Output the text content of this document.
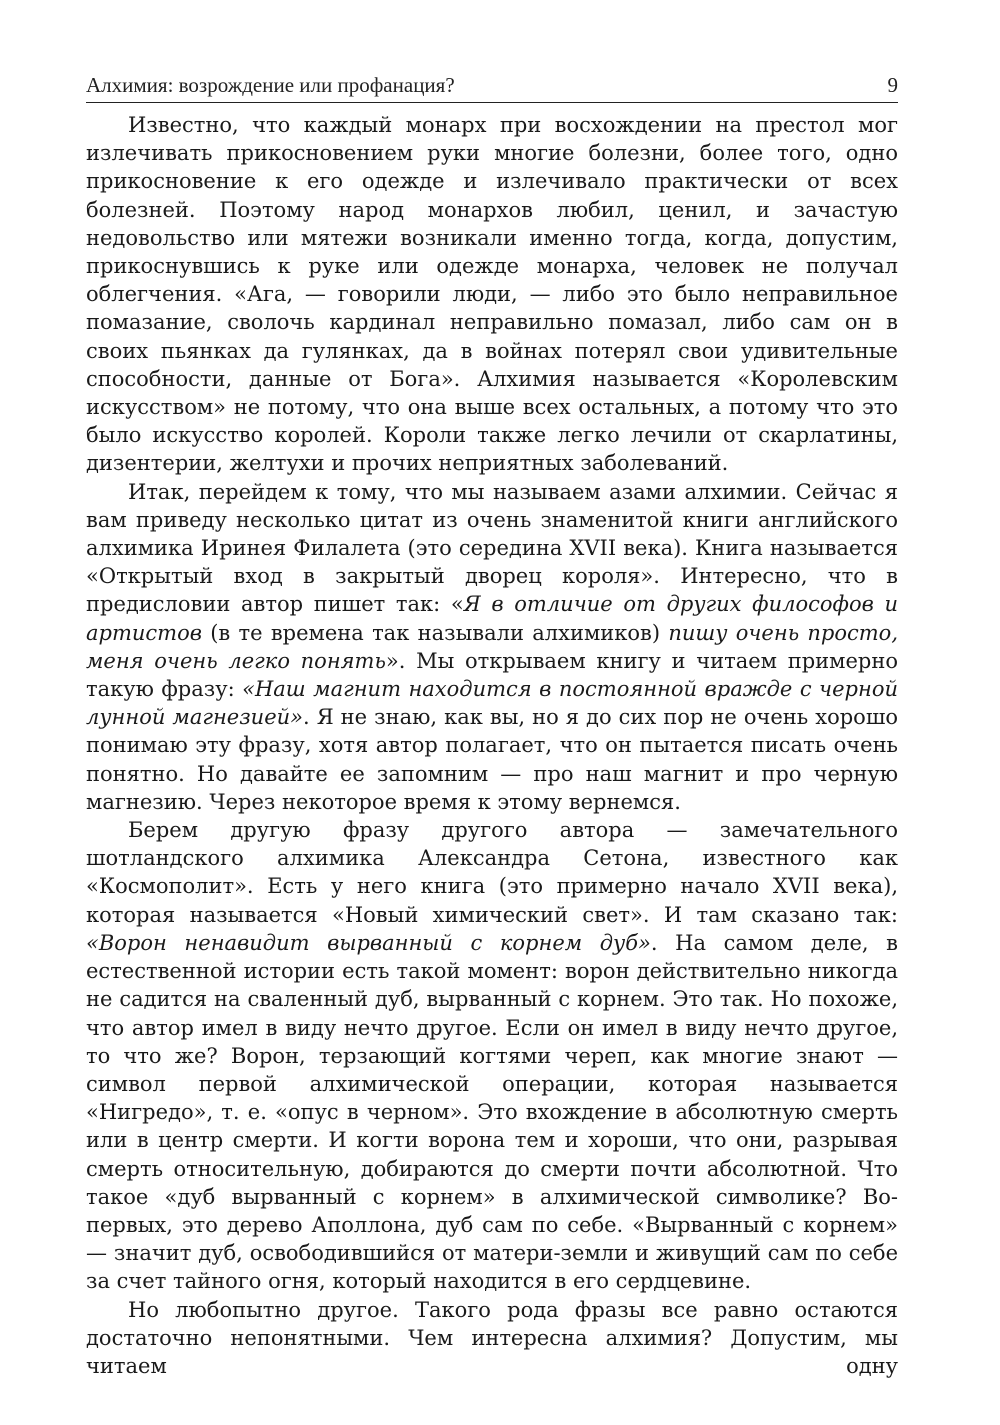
Алхимия: возрождение или профанация?	9

Известно, что каждый монарх при восхождении на престол мог излечивать прикосновением руки многие болезни, более того, одно прикосновение к его одежде и излечивало практически от всех болезней. Поэтому народ монархов любил, ценил, и зачастую недовольство или мятежи возникали именно тогда, когда, допустим, прикоснувшись к руке или одежде монарха, человек не получал облегчения. «Ага, — говорили люди, — либо это было неправильное помазание, сволочь кардинал неправильно помазал, либо сам он в своих пьянках да гулянках, да в войнах потерял свои удивительные способности, данные от Бога». Алхимия называется «Королевским искусством» не потому, что она выше всех остальных, а потому что это было искусство королей. Короли также легко лечили от скарлатины, дизентерии, желтухи и прочих неприятных заболеваний.

Итак, перейдем к тому, что мы называем азами алхимии. Сейчас я вам приведу несколько цитат из очень знаменитой книги английского алхимика Иринея Филалета (это середина XVII века). Книга называется «Открытый вход в закрытый дворец короля». Интересно, что в предисловии автор пишет так: «Я в отличие от других философов и артистов (в те времена так называли алхимиков) пишу очень просто, меня очень легко понять». Мы открываем книгу и читаем примерно такую фразу: «Наш магнит находится в постоянной вражде с черной лунной магнезией». Я не знаю, как вы, но я до сих пор не очень хорошо понимаю эту фразу, хотя автор полагает, что он пытается писать очень понятно. Но давайте ее запомним — про наш магнит и про черную магнезию. Через некоторое время к этому вернемся.

Берем другую фразу другого автора — замечательного шотландского алхимика Александра Сетона, известного как «Космополит». Есть у него книга (это примерно начало XVII века), которая называется «Новый химический свет». И там сказано так: «Ворон ненавидит вырванный с корнем дуб». На самом деле, в естественной истории есть такой момент: ворон действительно никогда не садится на сваленный дуб, вырванный с корнем. Это так. Но похоже, что автор имел в виду нечто другое. Если он имел в виду нечто другое, то что же? Ворон, терзающий когтями череп, как многие знают — символ первой алхимической операции, которая называется «Нигредо», т. е. «опус в черном». Это вхождение в абсолютную смерть или в центр смерти. И когти ворона тем и хороши, что они, разрывая смерть относительную, добираются до смерти почти абсолютной. Что такое «дуб вырванный с корнем» в алхимической символике? Во-первых, это дерево Аполлона, дуб сам по себе. «Вырванный с корнем» — значит дуб, освободившийся от матери-земли и живущий сам по себе за счет тайного огня, который находится в его сердцевине.

Но любопытно другое. Такого рода фразы все равно остаются достаточно непонятными. Чем интересна алхимия? Допустим, мы читаем одну
